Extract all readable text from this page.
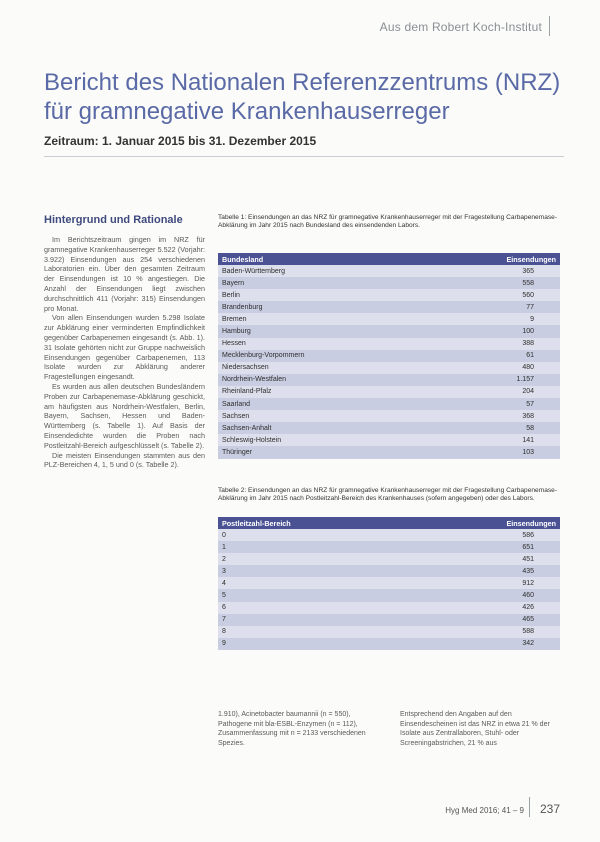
Aus dem Robert Koch-Institut
Bericht des Nationalen Referenzzentrums (NRZ) für gramnegative Krankenhauserreger
Zeitraum: 1. Januar 2015 bis 31. Dezember 2015
Hintergrund und Rationale

Im Berichtszeitraum gingen im NRZ für gramnegative Krankenhauserreger 5.522 (Vorjahr: 3.922) Einsendungen aus 254 verschiedenen Laboratorien ein. Über den gesamten Zeitraum der Einsendungen ist 10 % angestiegen. Die Anzahl der Einsendungen liegt zwischen durchschnittlich 411 (Vorjahr: 315) Einsendungen pro Monat.

Von allen Einsendungen wurden 5.298 Isolate zur Abklärung einer verminderten Empfindlichkeit gegenüber Carbapenemen eingesandt (s. Abb. 1). 31 Isolate gehörten nicht zur Gruppe nachweislich Einsendungen gegenüber Carbapenemen, 113 Isolate wurden zur Abklärung anderer Fragestellungen eingesandt.

Es wurden aus allen deutschen Bundesländern Proben zur Carbapenemase-Abklärung geschickt, am häufigsten aus Nordrhein-Westfalen, Berlin, Bayern, Sachsen, Hessen und Baden-Württemberg (s. Tabelle 1). Auf Basis der Einsendedichte wurden die Proben nach Postleitzahl-Bereich aufgeschlüsselt (s. Tabelle 2).

Die meisten Einsendungen stammten aus den PLZ-Bereichen 4, 1, 5 und 0 (s. Tabelle 2).

Tabelle 1: Einsendungen an das NRZ für gramnegative Krankenhauserreger mit der Fragestellung Carbapenemase-Abklärung im Jahr 2015 nach Bundesland des einsendenden Labors.
Bundesland	Einsendungen
Baden-Württemberg	365
Bayern	558
Berlin	560
Brandenburg	77
Bremen	9
Hamburg	100
Hessen	388
Mecklenburg-Vorpommern	61
Niedersachsen	480
Nordrhein-Westfalen	1.157
Rheinland-Pfalz	204
Saarland	57
Sachsen	368
Sachsen-Anhalt	58
Schleswig-Holstein	141
Thüringer	103
Tabelle 2: Einsendungen an das NRZ für gramnegative Krankenhauserreger mit der Fragestellung Carbapenemase-Abklärung im Jahr 2015 nach Postleitzahl-Bereich des Krankenhauses (sofern angegeben) oder des Labors.
Postleitzahl-Bereich	Einsendungen
0	586
1	651
2	451
3	435
4	912
5	460
6	426
7	465
8	588
9	342
1.910), Acinetobacter baumannii (n = 550), Pathogene mit bla-ESBL-Enzymen (n = 112), Zusammenfassung mit n = 2133 verschiedenen Spezies.
Entsprechend den Angaben auf den Einsendescheinen ist das NRZ in etwa 21 % der Isolate aus Zentrallaboren, Stuhl- oder Screeningabstrichen, 21 % aus
Hyg Med 2016; 41 – 9 237
